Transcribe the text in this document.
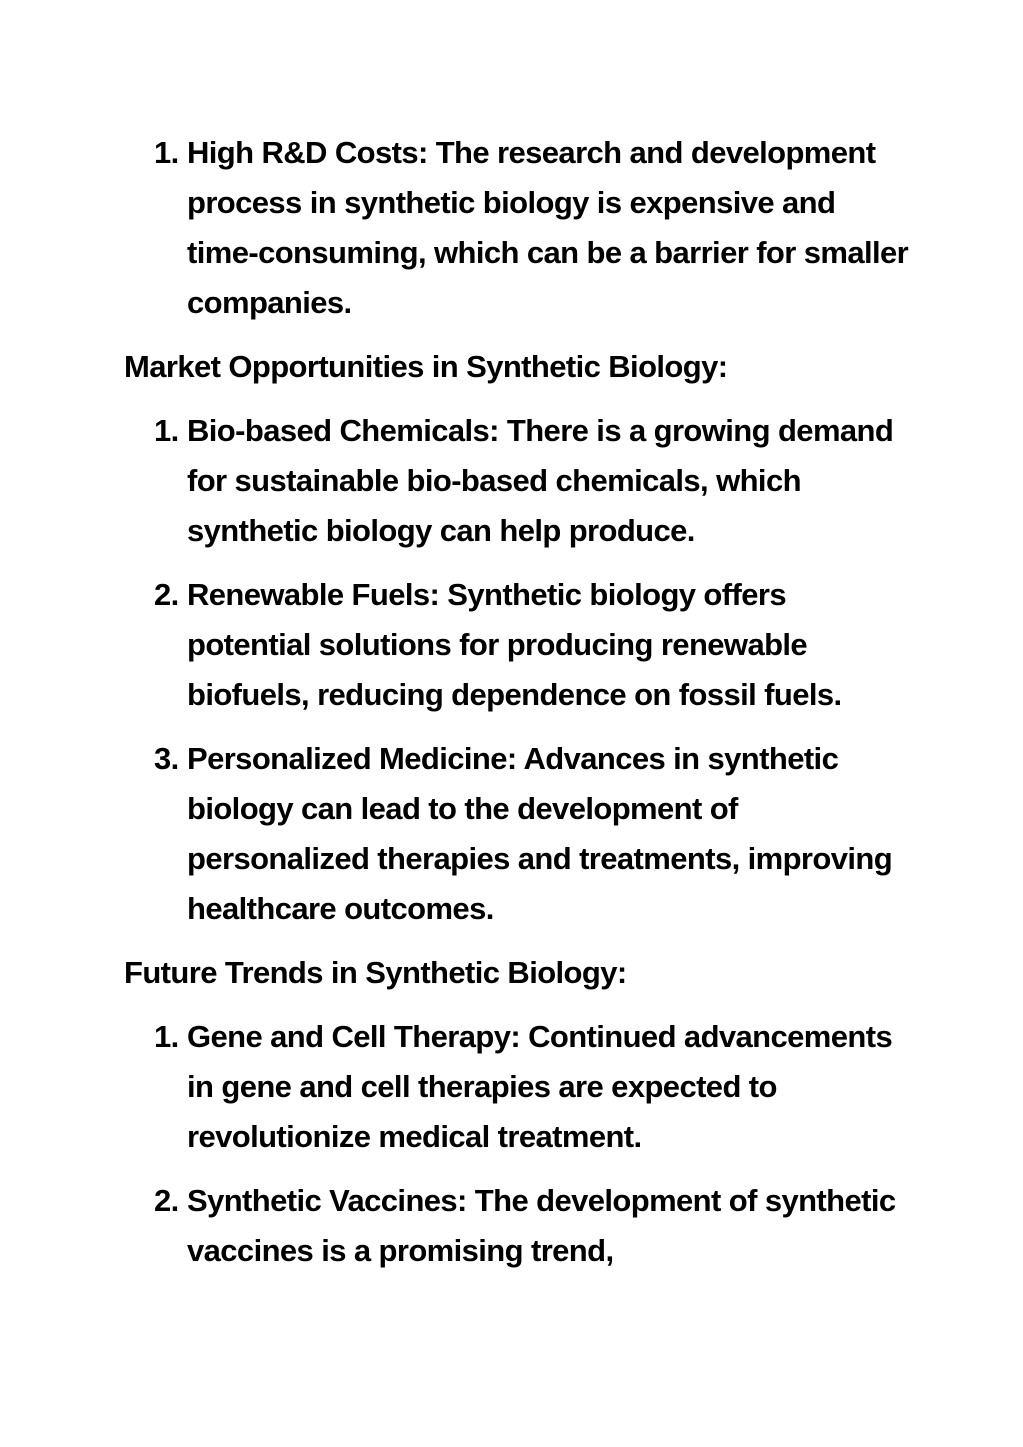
1. High R&D Costs: The research and development process in synthetic biology is expensive and time-consuming, which can be a barrier for smaller companies.
Market Opportunities in Synthetic Biology:
1. Bio-based Chemicals: There is a growing demand for sustainable bio-based chemicals, which synthetic biology can help produce.
2. Renewable Fuels: Synthetic biology offers potential solutions for producing renewable biofuels, reducing dependence on fossil fuels.
3. Personalized Medicine: Advances in synthetic biology can lead to the development of personalized therapies and treatments, improving healthcare outcomes.
Future Trends in Synthetic Biology:
1. Gene and Cell Therapy: Continued advancements in gene and cell therapies are expected to revolutionize medical treatment.
2. Synthetic Vaccines: The development of synthetic vaccines is a promising trend,
